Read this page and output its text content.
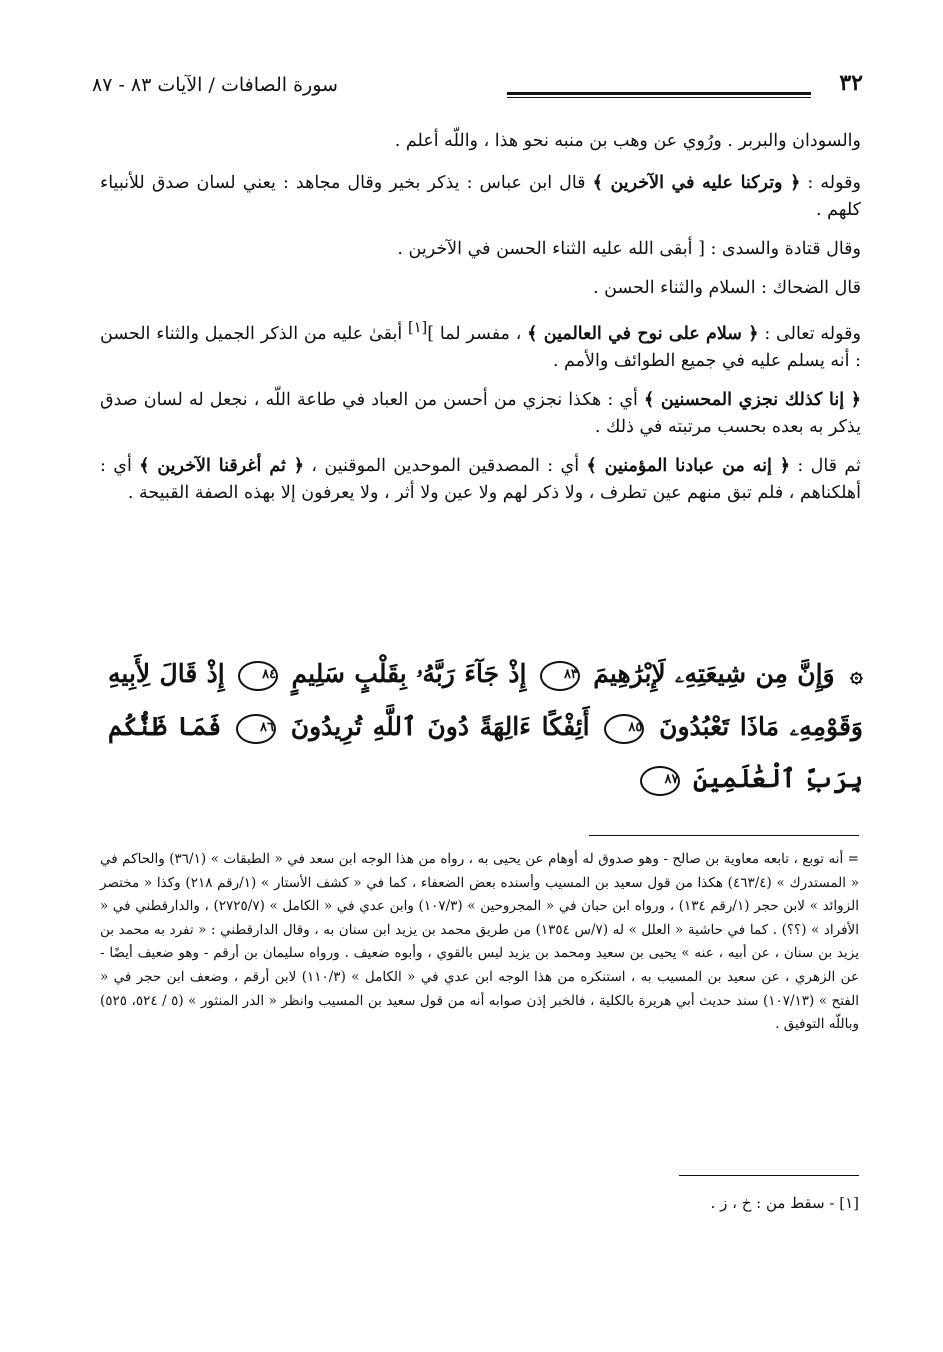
٣٢
سورة الصافات / الآيات ٨٣ - ٨٧

والسودان والبربر . ورُوي عن وهب بن منبه نحو هذا ، واللّه أعلم .

وقوله : ﴿ وتركنا عليه في الآخرين ﴾ قال ابن عباس : يذكر بخير وقال مجاهد : يعني لسان صدق للأنبياء كلهم .

وقال قتادة والسدى : [ أبقى الله عليه الثناء الحسن في الآخرين .

قال الضحاك : السلام والثناء الحسن .

وقوله تعالى : ﴿ سلام على نوح في العالمين ﴾ ، مفسر لما ][١] أبقىٰ عليه من الذكر الجميل والثناء الحسن : أنه يسلم عليه في جميع الطوائف والأمم .

﴿ إنا كذلك نجزي المحسنين ﴾ أي : هكذا نجزي من أحسن من العباد في طاعة اللّه ، نجعل له لسان صدق يذكر به بعده بحسب مرتبته في ذلك .

ثم قال : ﴿ إنه من عبادنا المؤمنين ﴾ أي : المصدقين الموحدين الموقنين ، ﴿ ثم أغرقنا الآخرين ﴾ أي : أهلكناهم ، فلم تبق منهم عين تطرف ، ولا ذكر لهم ولا عين ولا أثر ، ولا يعرفون إلا بهذه الصفة القبيحة .

۞ وَإِنَّ مِن شِيعَتِهِۦ لَإِبْرَٰهِيمَ ٨٣ إِذْ جَآءَ رَبَّهُۥ بِقَلْبٍ سَلِيمٍ ٨٤ إِذْ قَالَ لِأَبِيهِ وَقَوْمِهِۦ مَاذَا تَعْبُدُونَ ٨٥ أَئِفْكًا ءَالِهَةً دُونَ ٱللَّهِ تُرِيدُونَ ٨٦ فَمَا ظَنُّكُم بِرَبِّ ٱلْعَٰلَمِينَ ٨٧
= أنه توبع ، تابعه معاوية بن صالح - وهو صدوق له أوهام عن يحيى به ، رواه من هذا الوجه ابن سعد في « الطبقات » (٣٦/١) والحاكم في « المستدرك » (٤٦٣/٤) هكذا من قول سعيد بن المسيب وأسنده بعض الضعفاء ، كما في « كشف الأستار » (١/رقم ٢١٨) وكذا « مختصر الزوائد » لابن حجر (١/رقم ١٣٤) ، ورواه ابن حبان في « المجروحين » (١٠٧/٣) وابن عدي في « الكامل » (٢٧٢٥/٧) ، والدارقطني في « الأفراد » (؟؟) . كما في حاشية « العلل » له (٧/س ١٣٥٤) من طريق محمد بن يزيد ابن سنان به ، وقال الدارقطني : « تفرد به محمد بن يزيد بن سنان ، عن أبيه ، عنه » يحيى بن سعيد ومحمد بن يزيد ليس بالقوي ، وأبوه ضعيف . ورواه سليمان بن أرقم - وهو ضعيف أيضًا - عن الزهري ، عن سعيد بن المسيب به ، استنكره من هذا الوجه ابن عدي في « الكامل » (١١٠/٣) لابن أرقم ، وضعف ابن حجر في « الفتح » (١٠٧/١٣) سند حديث أبي هريرة بالكلية ، فالخبر إذن صوابه أنه من قول سعيد بن المسيب وانظر « الدر المنثور » (٥ / ٥٢٤، ٥٢٥) وباللّه التوفيق .
[١] - سقط من : خ ، ز .
